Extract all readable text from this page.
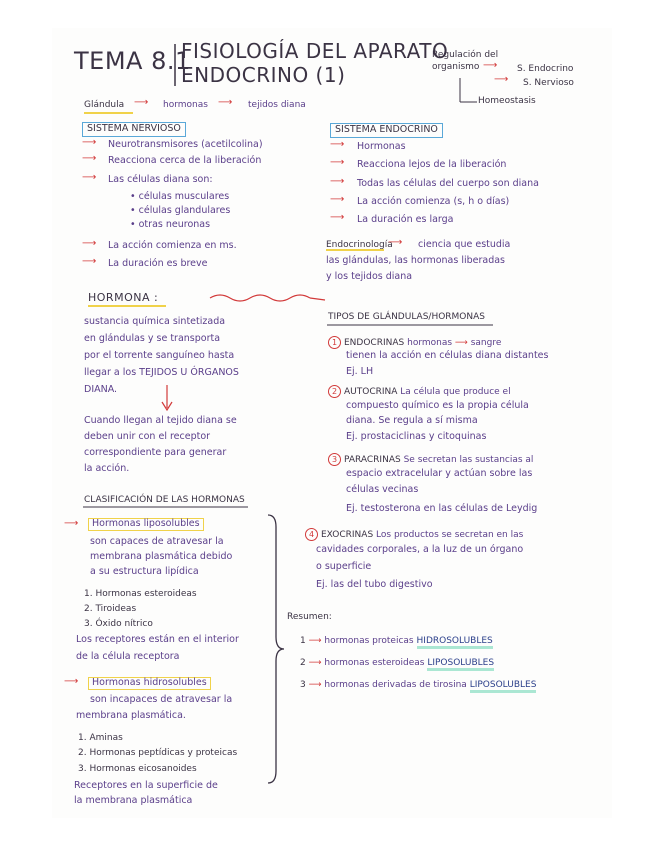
TEMA 8.1
FISIOLOGÍA DEL APARATO
ENDOCRINO (1)
Regulación del
organismo ⟶ S. Endocrino
⟶ S. Nervioso
Homeostasis
Glándula ⟶ hormonas ⟶ tejidos diana
SISTEMA NERVIOSO
⟶ Neurotransmisores (acetilcolina)
⟶ Reacciona cerca de la liberación
⟶ Las células diana son:
• células musculares
• células glandulares
• otras neuronas
⟶ La acción comienza en ms.
⟶ La duración es breve
SISTEMA ENDOCRINO
⟶ Hormonas
⟶ Reacciona lejos de la liberación
⟶ Todas las células del cuerpo son diana
⟶ La acción comienza (s, h o días)
⟶ La duración es larga
Endocrinología
⟶ ciencia que estudia
las glándulas, las hormonas liberadas
y los tejidos diana
HORMONA :
sustancia química sintetizada
en glándulas y se transporta
por el torrente sanguíneo hasta
llegar a los TEJIDOS U ÓRGANOS
DIANA.
Cuando llegan al tejido diana se
deben unir con el receptor
correspondiente para generar
la acción.
TIPOS DE GLÁNDULAS/HORMONAS
1 ENDOCRINAS hormonas ⟶ sangre
tienen la acción en células diana distantes
Ej. LH
2 AUTOCRINA La célula que produce el
compuesto químico es la propia célula
diana. Se regula a sí misma
Ej. prostaciclinas y citoquinas
3 PARACRINAS Se secretan las sustancias al
espacio extracelular y actúan sobre las
células vecinas
Ej. testosterona en las células de Leydig
4 EXOCRINAS Los productos se secretan en las
cavidades corporales, a la luz de un órgano
o superficie
Ej. las del tubo digestivo
CLASIFICACIÓN DE LAS HORMONAS
⟶	Hormonas liposolubles
son capaces de atravesar la
membrana plasmática debido
a su estructura lipídica
1. Hormonas esteroideas
2. Tiroideas
3. Óxido nítrico
Los receptores están en el interior
de la célula receptora
⟶	Hormonas hidrosolubles
son incapaces de atravesar la
membrana plasmática.
1. Aminas
2. Hormonas peptídicas y proteicas
3. Hormonas eicosanoides
Receptores en la superficie de
la membrana plasmática
Resumen:
1 ⟶ hormonas proteicas HIDROSOLUBLES
2 ⟶ hormonas esteroideas LIPOSOLUBLES
3 ⟶ hormonas derivadas de tirosina LIPOSOLUBLES
